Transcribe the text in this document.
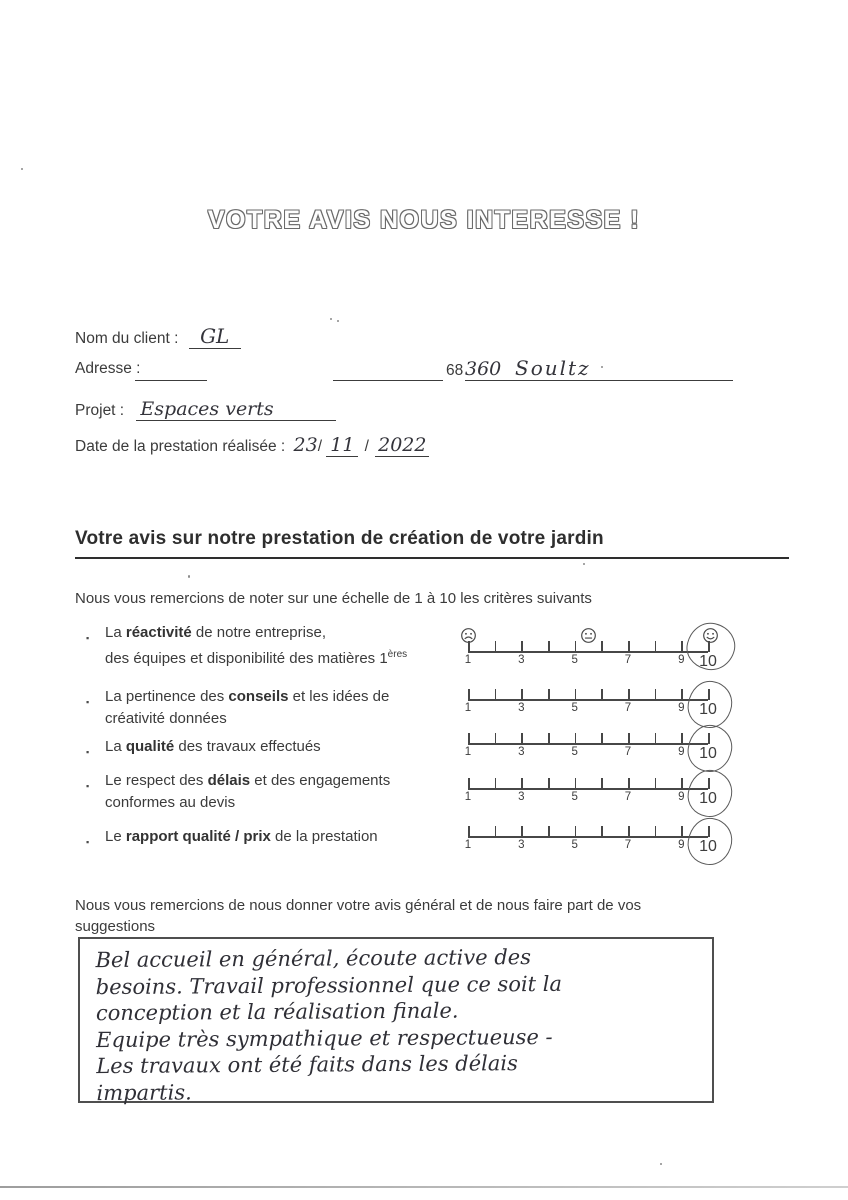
VOTRE AVIS NOUS INTERESSE !
Nom du client : GL
Adresse :	68 360 Soultz
Projet : Espaces verts
Date de la prestation réalisée : 23/ 11 / 2022
Votre avis sur notre prestation de création de votre jardin
Nous vous remercions de noter sur une échelle de 1 à 10 les critères suivants
▪ La réactivité de notre entreprise,
des équipes et disponibilité des matières 1ères
▪ La pertinence des conseils et les idées de
créativité données
▪ La qualité des travaux effectués
▪ Le respect des délais et des engagements
conformes au devis
▪ Le rapport qualité / prix de la prestation
1	3	5	7	9 10
1	3	5	7	9 10
1	3	5	7	9 10
1	3	5	7	9 10
1	3	5	7	9 10
Nous vous remercions de nous donner votre avis général et de nous faire part de vos suggestions
Bel accueil en général, écoute active des
besoins. Travail professionnel que ce soit la
conception et la réalisation finale.
Equipe très sympathique et respectueuse -
Les travaux ont été faits dans les délais
impartis.
